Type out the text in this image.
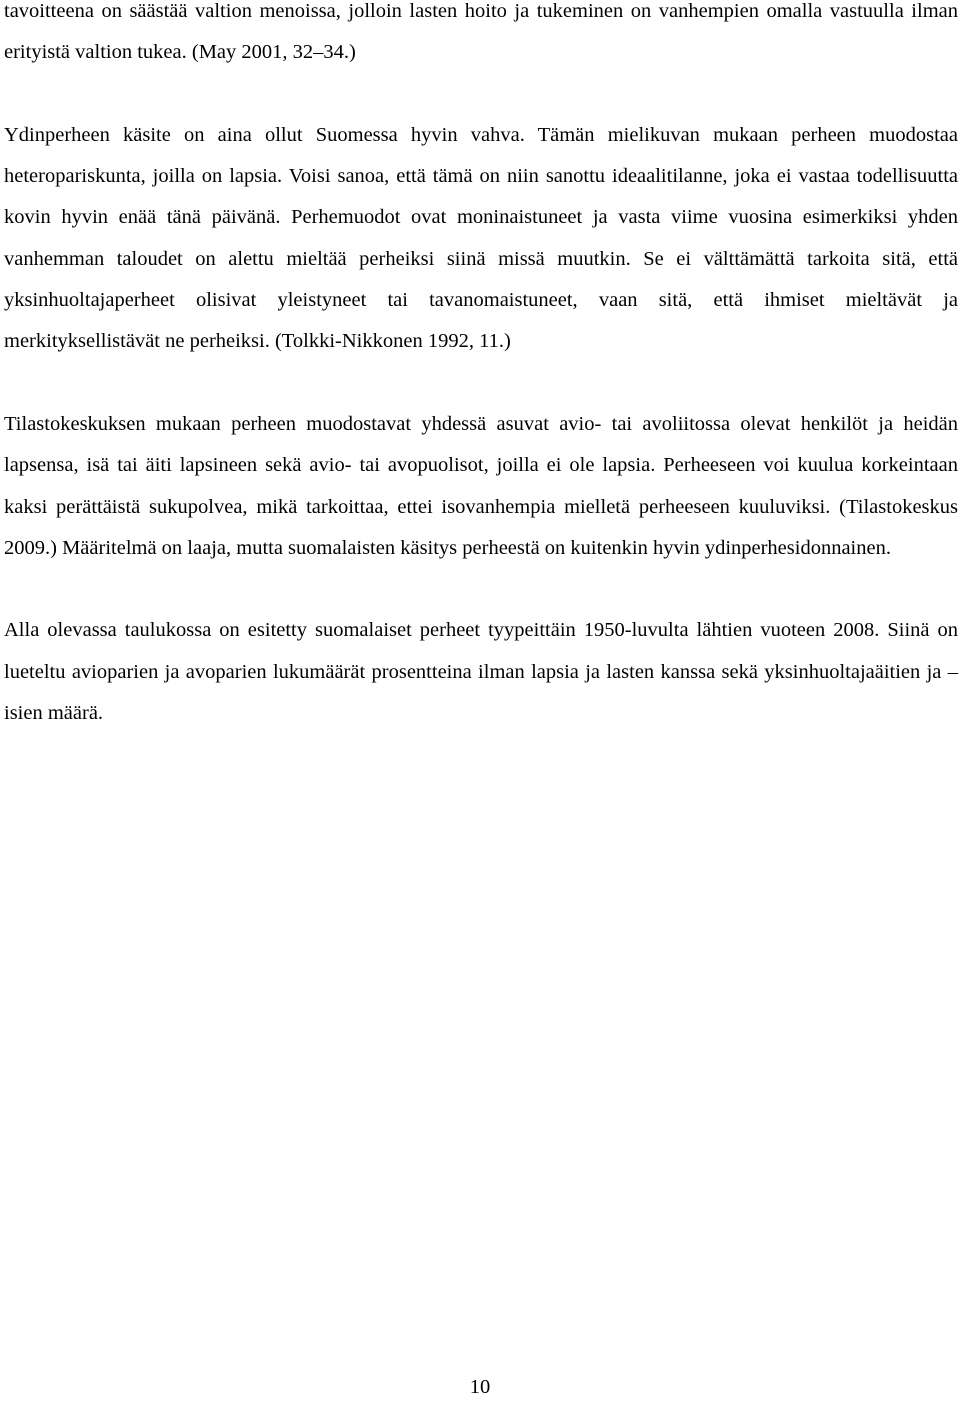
tavoitteena on säästää valtion menoissa, jolloin lasten hoito ja tukeminen on vanhempien omalla vastuulla ilman erityistä valtion tukea. (May 2001, 32–34.)

Ydinperheen käsite on aina ollut Suomessa hyvin vahva. Tämän mielikuvan mukaan perheen muodostaa heteropariskunta, joilla on lapsia. Voisi sanoa, että tämä on niin sanottu ideaalitilanne, joka ei vastaa todellisuutta kovin hyvin enää tänä päivänä. Perhemuodot ovat moninaistuneet ja vasta viime vuosina esimerkiksi yhden vanhemman taloudet on alettu mieltää perheiksi siinä missä muutkin. Se ei välttämättä tarkoita sitä, että yksinhuoltajaperheet olisivat yleistyneet tai tavanomaistuneet, vaan sitä, että ihmiset mieltävät ja merkityksellistävät ne perheiksi. (Tolkki-Nikkonen 1992, 11.)

Tilastokeskuksen mukaan perheen muodostavat yhdessä asuvat avio- tai avoliitossa olevat henkilöt ja heidän lapsensa, isä tai äiti lapsineen sekä avio- tai avopuolisot, joilla ei ole lapsia. Perheeseen voi kuulua korkeintaan kaksi perättäistä sukupolvea, mikä tarkoittaa, ettei isovanhempia mielletä perheeseen kuuluviksi. (Tilastokeskus 2009.) Määritelmä on laaja, mutta suomalaisten käsitys perheestä on kuitenkin hyvin ydinperhesidonnainen.

Alla olevassa taulukossa on esitetty suomalaiset perheet tyypeittäin 1950-luvulta lähtien vuoteen 2008. Siinä on lueteltu avioparien ja avoparien lukumäärät prosentteina ilman lapsia ja lasten kanssa sekä yksinhuoltajaäitien ja – isien määrä.

10
